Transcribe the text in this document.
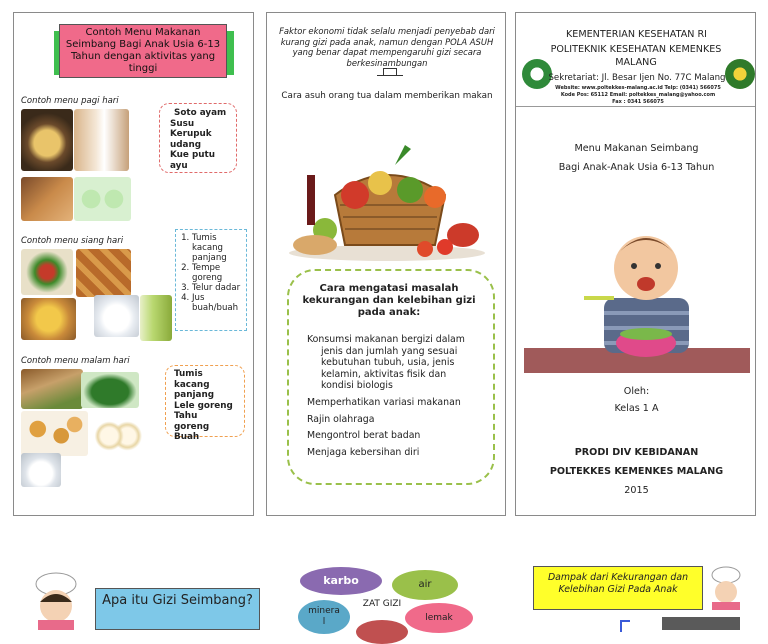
Contoh Menu Makanan Seimbang Bagi Anak Usia 6-13 Tahun dengan aktivitas yang tinggi
Contoh menu pagi hari
Soto ayam
Susu
Kerupuk udang
Kue putu ayu
Contoh menu siang hari
1.	Tumis kacang panjang
2. Tempe goreng
3. Telur dadar
4. Jus buah/buah
Contoh menu malam hari
Tumis kacang panjang
Lele goreng
Tahu goreng
Buah
Faktor ekonomi tidak selalu menjadi penyebab dari kurang gizi pada anak, namun dengan POLA ASUH yang benar dapat mempengaruhi gizi secara berkesinambungan
Cara asuh orang tua dalam memberikan makan
Cara mengatasi masalah kekurangan dan kelebihan gizi pada anak:
Konsumsi makanan bergizi dalam jenis dan jumlah yang sesuai kebutuhan tubuh, usia, jenis kelamin, aktivitas fisik dan kondisi biologis
Memperhatikan variasi makanan
Rajin olahraga
Mengontrol berat badan
Menjaga kebersihan diri
KEMENTERIAN KESEHATAN RI
POLITEKNIK KESEHATAN KEMENKES MALANG
Sekretariat: Jl. Besar Ijen No. 77C Malang
Website: www.poltekkes-malang.ac.id Telp: (0341) 566075
Kode Pos: 65112 Email: poltekkes_malang@yahoo.com
Fax : 0341 566075
Menu Makanan Seimbang
Bagi Anak-Anak Usia 6-13 Tahun
Oleh:
Kelas 1 A
PRODI DIV KEBIDANAN
POLTEKKES KEMENKES MALANG
2015
Apa itu Gizi Seimbang?
karbo	air
ZAT GIZI
mineral	lemak
Dampak dari Kekurangan dan Kelebihan Gizi Pada Anak
